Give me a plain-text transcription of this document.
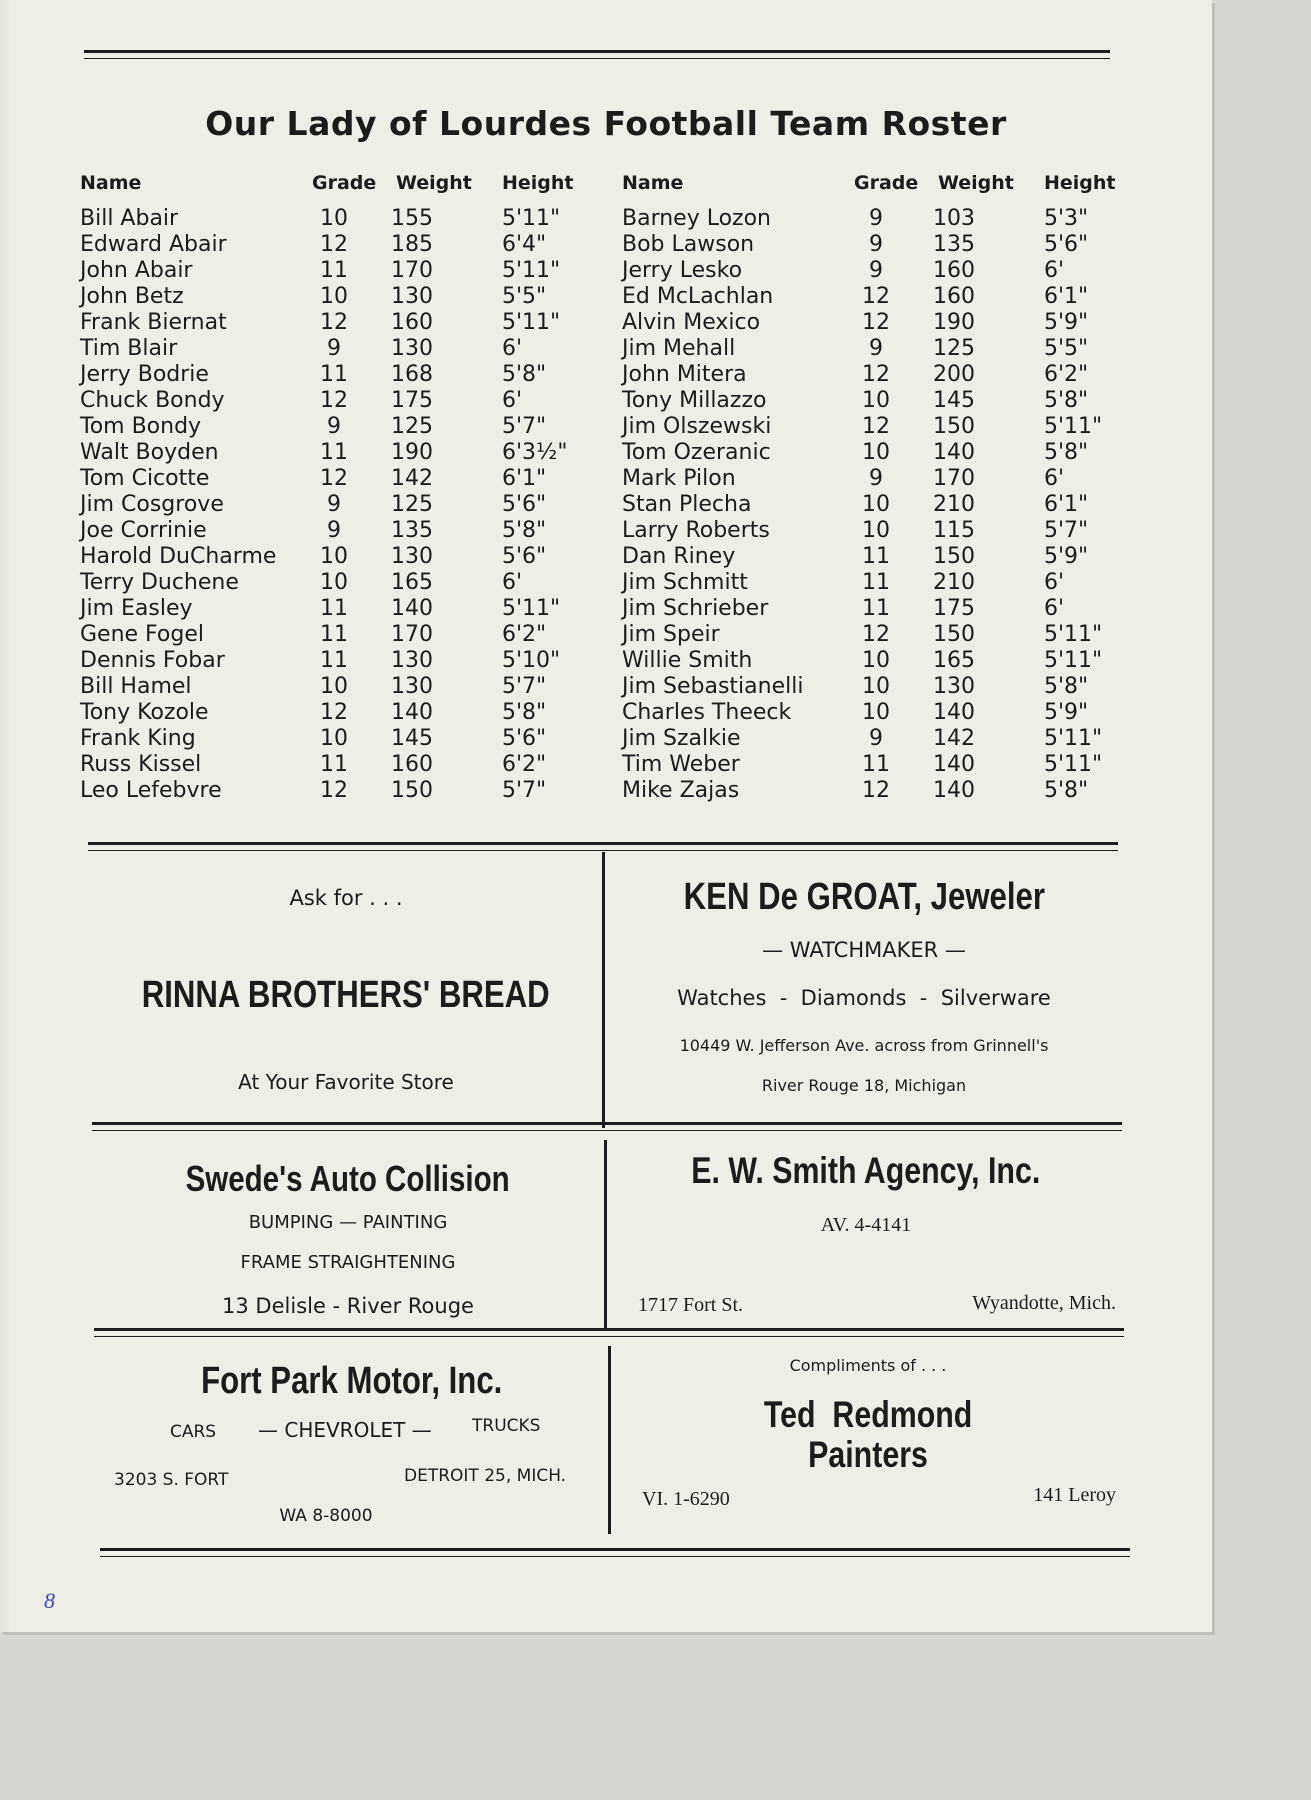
Our Lady of Lourdes Football Team Roster
Name	Grade Weight Height
Bill Abair	10	155	5'11"
Edward Abair	12	185	6'4"
John Abair	11	170	5'11"
John Betz	10	130	5'5"
Frank Biernat	12	160	5'11"
Tim Blair	9	130	6'
Jerry Bodrie	11	168	5'8"
Chuck Bondy	12	175	6'
Tom Bondy	9	125	5'7"
Walt Boyden	11	190	6'3½"
Tom Cicotte	12	142	6'1"
Jim Cosgrove	9	125	5'6"
Joe Corrinie	9	135	5'8"
Harold DuCharme	10	130	5'6"
Terry Duchene	10	165	6'
Jim Easley	11	140	5'11"
Gene Fogel	11	170	6'2"
Dennis Fobar	11	130	5'10"
Bill Hamel	10	130	5'7"
Tony Kozole	12	140	5'8"
Frank King	10	145	5'6"
Russ Kissel	11	160	6'2"
Leo Lefebvre	12	150	5'7"
Name	Grade Weight Height
Barney Lozon	9	103	5'3"
Bob Lawson	9	135	5'6"
Jerry Lesko	9	160	6'
Ed McLachlan	12	160	6'1"
Alvin Mexico	12	190	5'9"
Jim Mehall	9	125	5'5"
John Mitera	12	200	6'2"
Tony Millazzo	10	145	5'8"
Jim Olszewski	12	150	5'11"
Tom Ozeranic	10	140	5'8"
Mark Pilon	9	170	6'
Stan Plecha	10	210	6'1"
Larry Roberts	10	115	5'7"
Dan Riney	11	150	5'9"
Jim Schmitt	11	210	6'
Jim Schrieber	11	175	6'
Jim Speir	12	150	5'11"
Willie Smith	10	165	5'11"
Jim Sebastianelli	10	130	5'8"
Charles Theeck	10	140	5'9"
Jim Szalkie	9	142	5'11"
Tim Weber	11	140	5'11"
Mike Zajas	12	140	5'8"
Ask for . . .
RINNA BROTHERS' BREAD
At Your Favorite Store
KEN De GROAT, Jeweler
— WATCHMAKER —
Watches  -  Diamonds  -  Silverware
10449 W. Jefferson Ave. across from Grinnell's
River Rouge 18, Michigan
Swede's Auto Collision
BUMPING — PAINTING
FRAME STRAIGHTENING
13 Delisle - River Rouge
E. W. Smith Agency, Inc.
AV. 4-4141
1717 Fort St.	Wyandotte, Mich.
Fort Park Motor, Inc.
CARS — CHEVROLET — TRUCKS
3203 S. FORT	DETROIT 25, MICH.
WA 8-8000
Compliments of . . .
Ted  Redmond
Painters
VI. 1-6290	141 Leroy
8
